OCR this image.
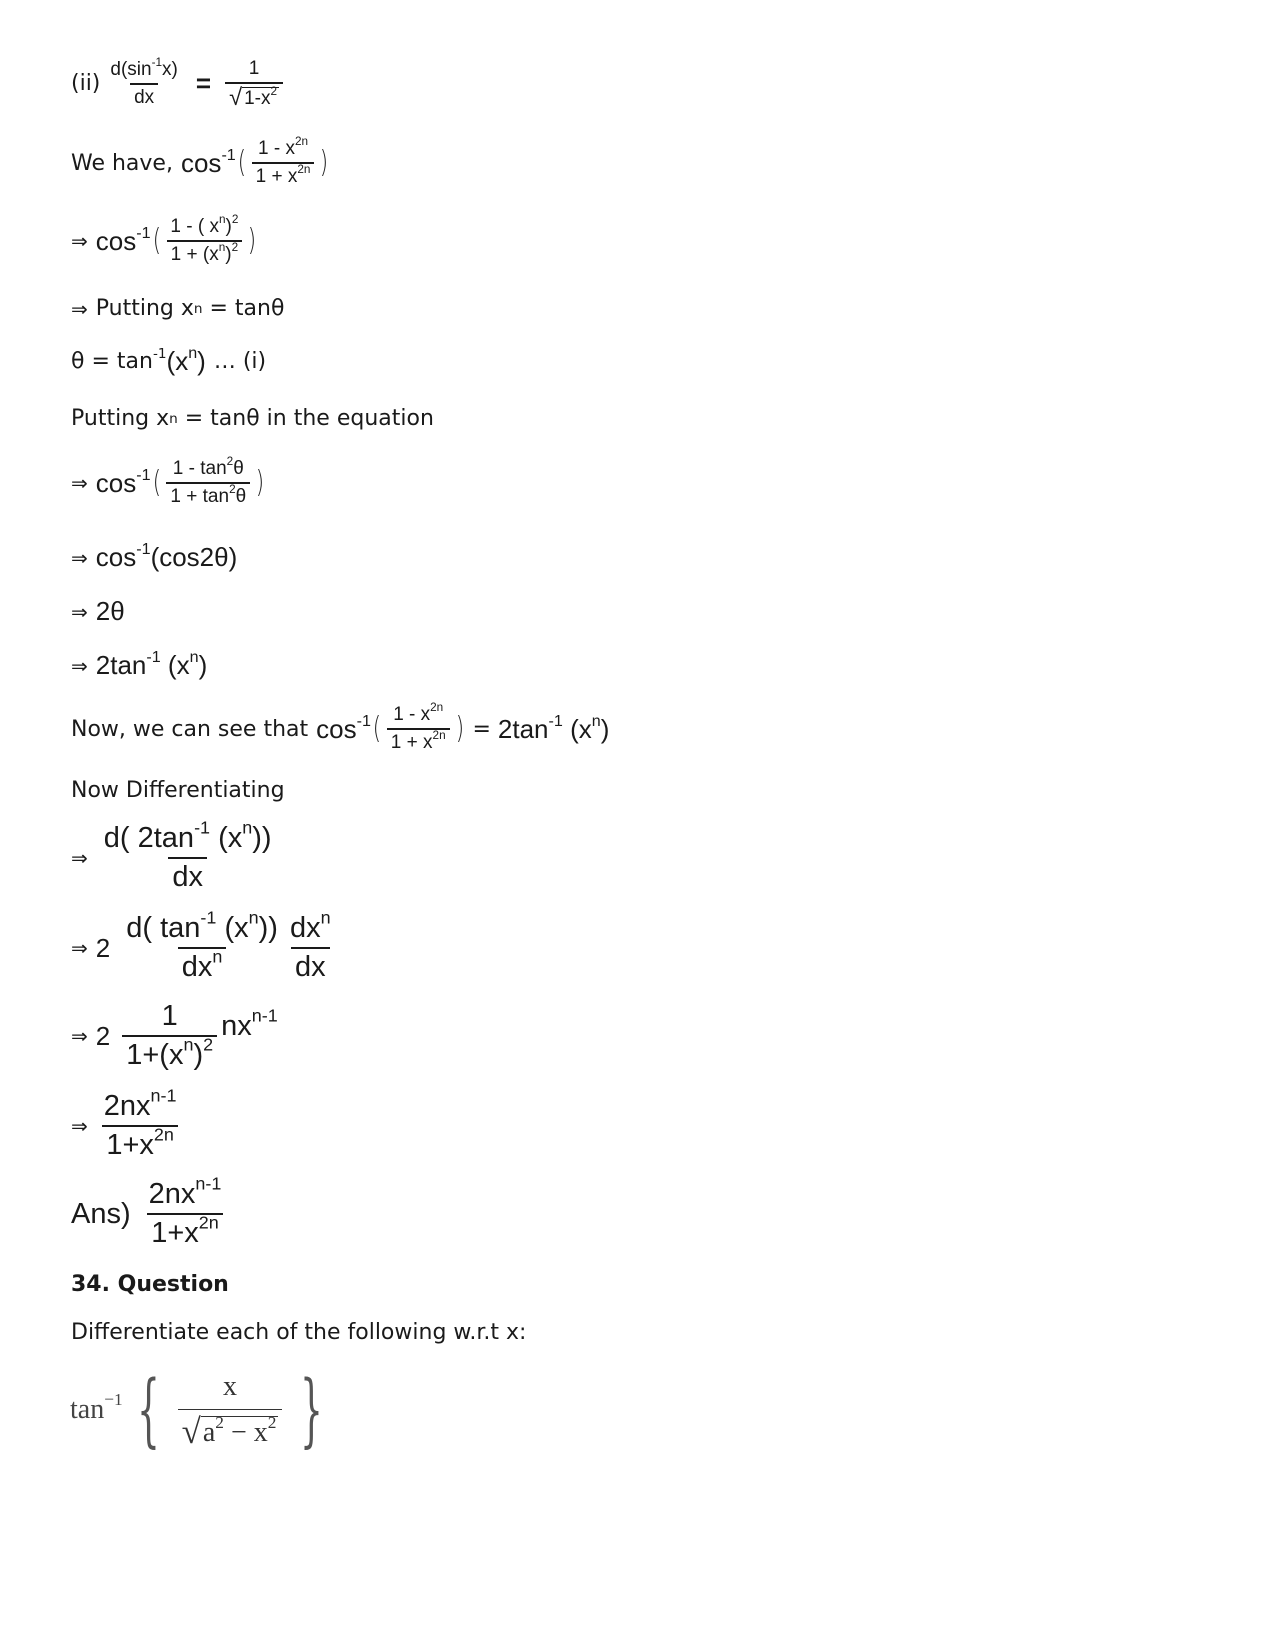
$(ii) \frac{d(\sin^{-1}x)}{dx} = \frac{1}{√ 1-x^2}$
We have, $\cos^{-1}$ ( $\frac{1 - x^{2n}}{1 + x^{2n}}$ )
⇒ $\cos^{-1}$ ( $\frac{1 - ( x^n)^2}{1 + (x^n)^2}$ )
⇒ Putting x n = tanθ
$\theta = \tan^{-1} (x^n)$ … (i)
Putting x n = tanθ in the equation
⇒ $\cos^{-1}$ ( $\frac{1 - \tan^2\theta}{1 + \tan^2\theta}$ )
⇒ $\cos^{-1}(\cos 2\theta)$
⇒ 2θ
⇒ $2\tan^{-1}$ $(x^n)$
Now, we can see that $\cos^{-1}$ ( $\frac{1 - x^{2n}}{1 + x^{2n}}$ ) = $2\tan^{-1}$ $(x^n)$
Now Differentiating
⇒ $\frac{d( 2\tan^{-1} (x^n))}{dx}$
⇒ $2 \frac{d( \tan^{-1} (x^n))}{dx^n} \frac{dx^n}{dx}$
⇒ $2 \frac{1}{1+(x^n)^2} nx^{n-1}$
⇒ $\frac{2nx^{n-1}}{1+x^{2n}}$
$Ans) \frac{2nx^{n-1}}{1+x^{2n}}$
34. Question
Differentiate each of the following w.r.t x:
$\tan^{-1}$ { $\frac{x}{√ a^2 - x^2}$ }
